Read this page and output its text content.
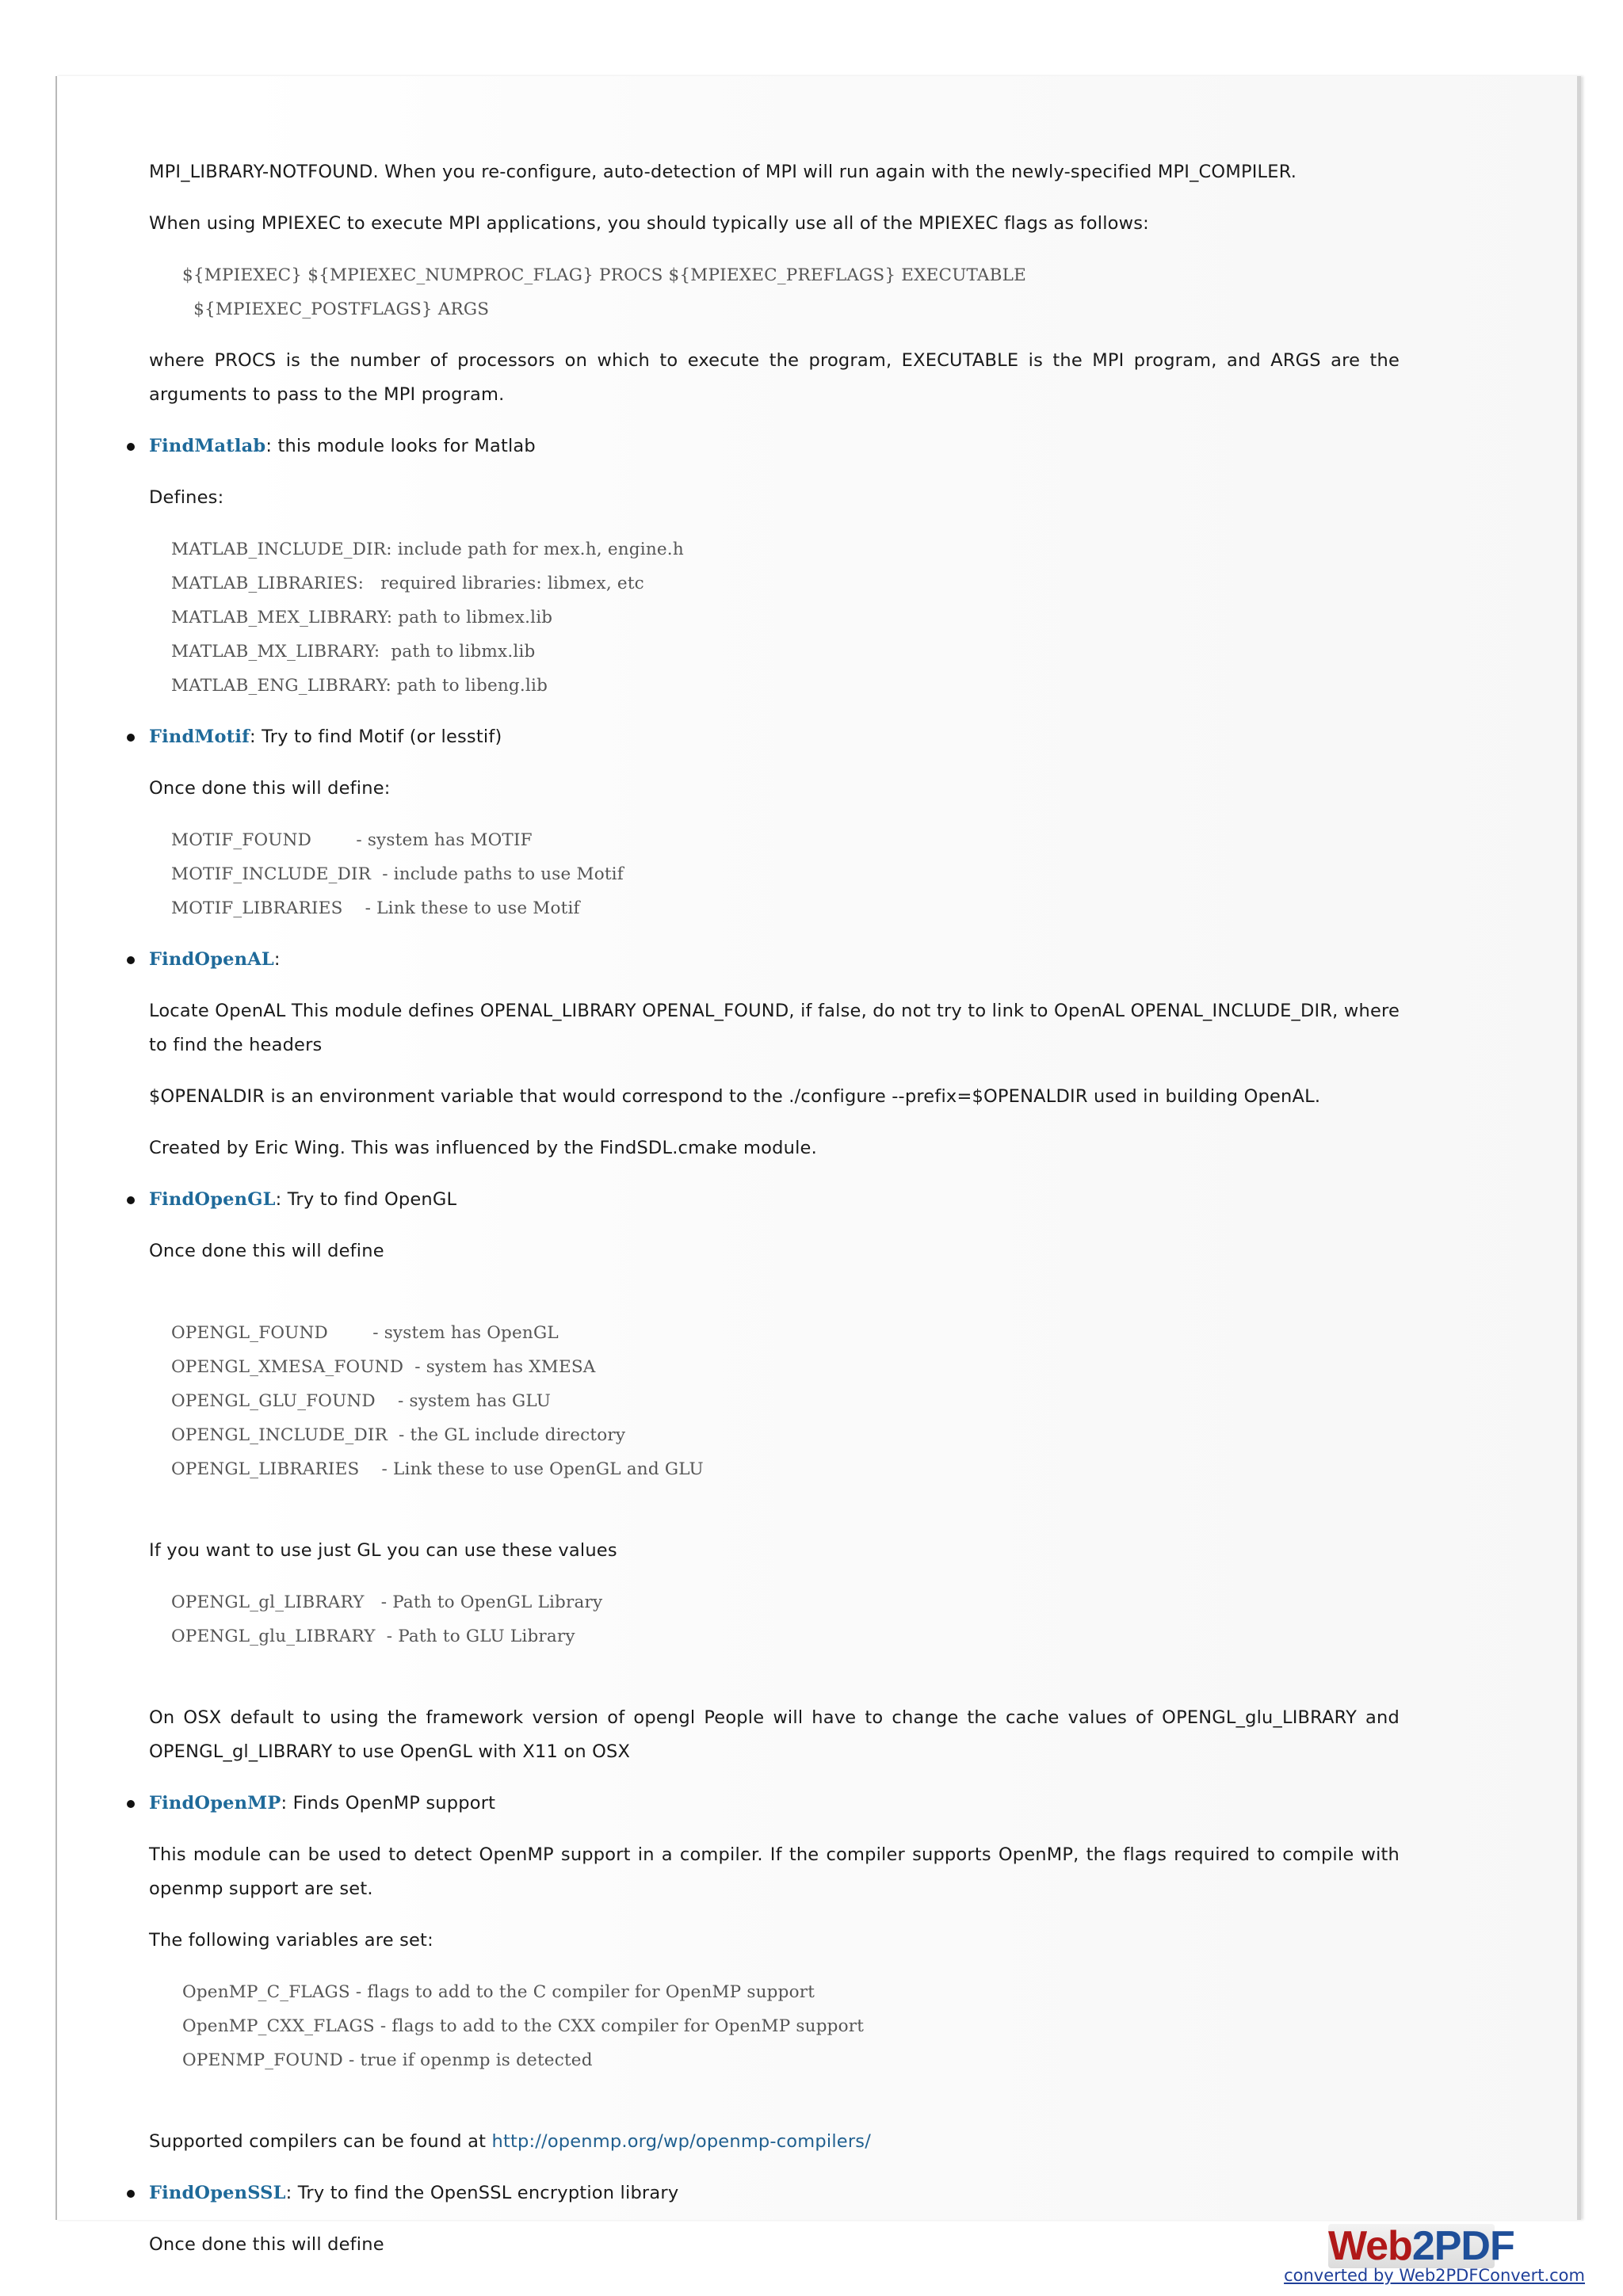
MPI_LIBRARY-NOTFOUND. When you re-configure, auto-detection of MPI will run again with the newly-specified MPI_COMPILER.

When using MPIEXEC to execute MPI applications, you should typically use all of the MPIEXEC flags as follows:

${MPIEXEC} ${MPIEXEC_NUMPROC_FLAG} PROCS ${MPIEXEC_PREFLAGS} EXECUTABLE
${MPIEXEC_POSTFLAGS} ARGS

where PROCS is the number of processors on which to execute the program, EXECUTABLE is the MPI program, and ARGS are the arguments to pass to the MPI program.

FindMatlab: this module looks for Matlab

Defines:

MATLAB_INCLUDE_DIR: include path for mex.h, engine.h
MATLAB_LIBRARIES:   required libraries: libmex, etc
MATLAB_MEX_LIBRARY: path to libmex.lib
MATLAB_MX_LIBRARY:  path to libmx.lib
MATLAB_ENG_LIBRARY: path to libeng.lib
FindMotif: Try to find Motif (or lesstif)

Once done this will define:

MOTIF_FOUND        - system has MOTIF
MOTIF_INCLUDE_DIR  - include paths to use Motif
MOTIF_LIBRARIES    - Link these to use Motif
FindOpenAL:

Locate OpenAL This module defines OPENAL_LIBRARY OPENAL_FOUND, if false, do not try to link to OpenAL OPENAL_INCLUDE_DIR, where to find the headers

$OPENALDIR is an environment variable that would correspond to the ./configure --prefix=$OPENALDIR used in building OpenAL.

Created by Eric Wing. This was influenced by the FindSDL.cmake module.

FindOpenGL: Try to find OpenGL

Once done this will define

OPENGL_FOUND        - system has OpenGL
OPENGL_XMESA_FOUND  - system has XMESA
OPENGL_GLU_FOUND    - system has GLU
OPENGL_INCLUDE_DIR  - the GL include directory
OPENGL_LIBRARIES    - Link these to use OpenGL and GLU

If you want to use just GL you can use these values

OPENGL_gl_LIBRARY   - Path to OpenGL Library
OPENGL_glu_LIBRARY  - Path to GLU Library

On OSX default to using the framework version of opengl People will have to change the cache values of OPENGL_glu_LIBRARY and OPENGL_gl_LIBRARY to use OpenGL with X11 on OSX

FindOpenMP: Finds OpenMP support

This module can be used to detect OpenMP support in a compiler. If the compiler supports OpenMP, the flags required to compile with openmp support are set.

The following variables are set:

OpenMP_C_FLAGS - flags to add to the C compiler for OpenMP support
OpenMP_CXX_FLAGS - flags to add to the CXX compiler for OpenMP support
OPENMP_FOUND - true if openmp is detected

Supported compilers can be found at http://openmp.org/wp/openmp-compilers/

FindOpenSSL: Try to find the OpenSSL encryption library

Once done this will define	Web2PDF
converted by Web2PDFConvert.com
